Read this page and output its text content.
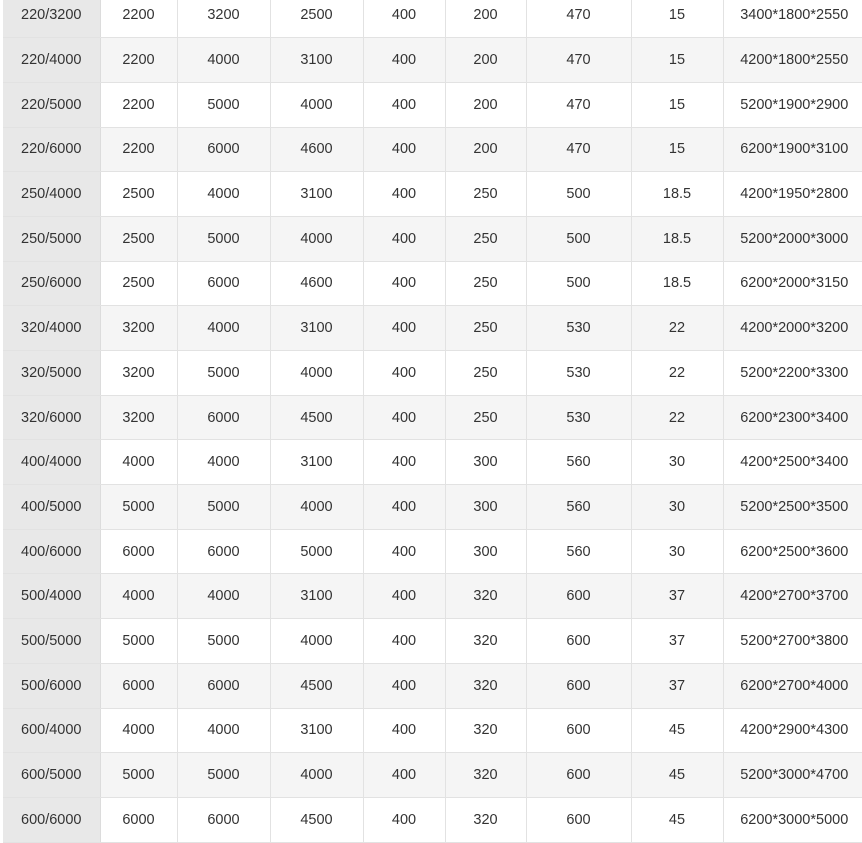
220/3200	2200	3200	2500	400	200	470	15	3400*1800*2550
220/4000	2200	4000	3100	400	200	470	15	4200*1800*2550
220/5000	2200	5000	4000	400	200	470	15	5200*1900*2900
220/6000	2200	6000	4600	400	200	470	15	6200*1900*3100
250/4000	2500	4000	3100	400	250	500	18.5	4200*1950*2800
250/5000	2500	5000	4000	400	250	500	18.5	5200*2000*3000
250/6000	2500	6000	4600	400	250	500	18.5	6200*2000*3150
320/4000	3200	4000	3100	400	250	530	22	4200*2000*3200
320/5000	3200	5000	4000	400	250	530	22	5200*2200*3300
320/6000	3200	6000	4500	400	250	530	22	6200*2300*3400
400/4000	4000	4000	3100	400	300	560	30	4200*2500*3400
400/5000	5000	5000	4000	400	300	560	30	5200*2500*3500
400/6000	6000	6000	5000	400	300	560	30	6200*2500*3600
500/4000	4000	4000	3100	400	320	600	37	4200*2700*3700
500/5000	5000	5000	4000	400	320	600	37	5200*2700*3800
500/6000	6000	6000	4500	400	320	600	37	6200*2700*4000
600/4000	4000	4000	3100	400	320	600	45	4200*2900*4300
600/5000	5000	5000	4000	400	320	600	45	5200*3000*4700
600/6000	6000	6000	4500	400	320	600	45	6200*3000*5000
